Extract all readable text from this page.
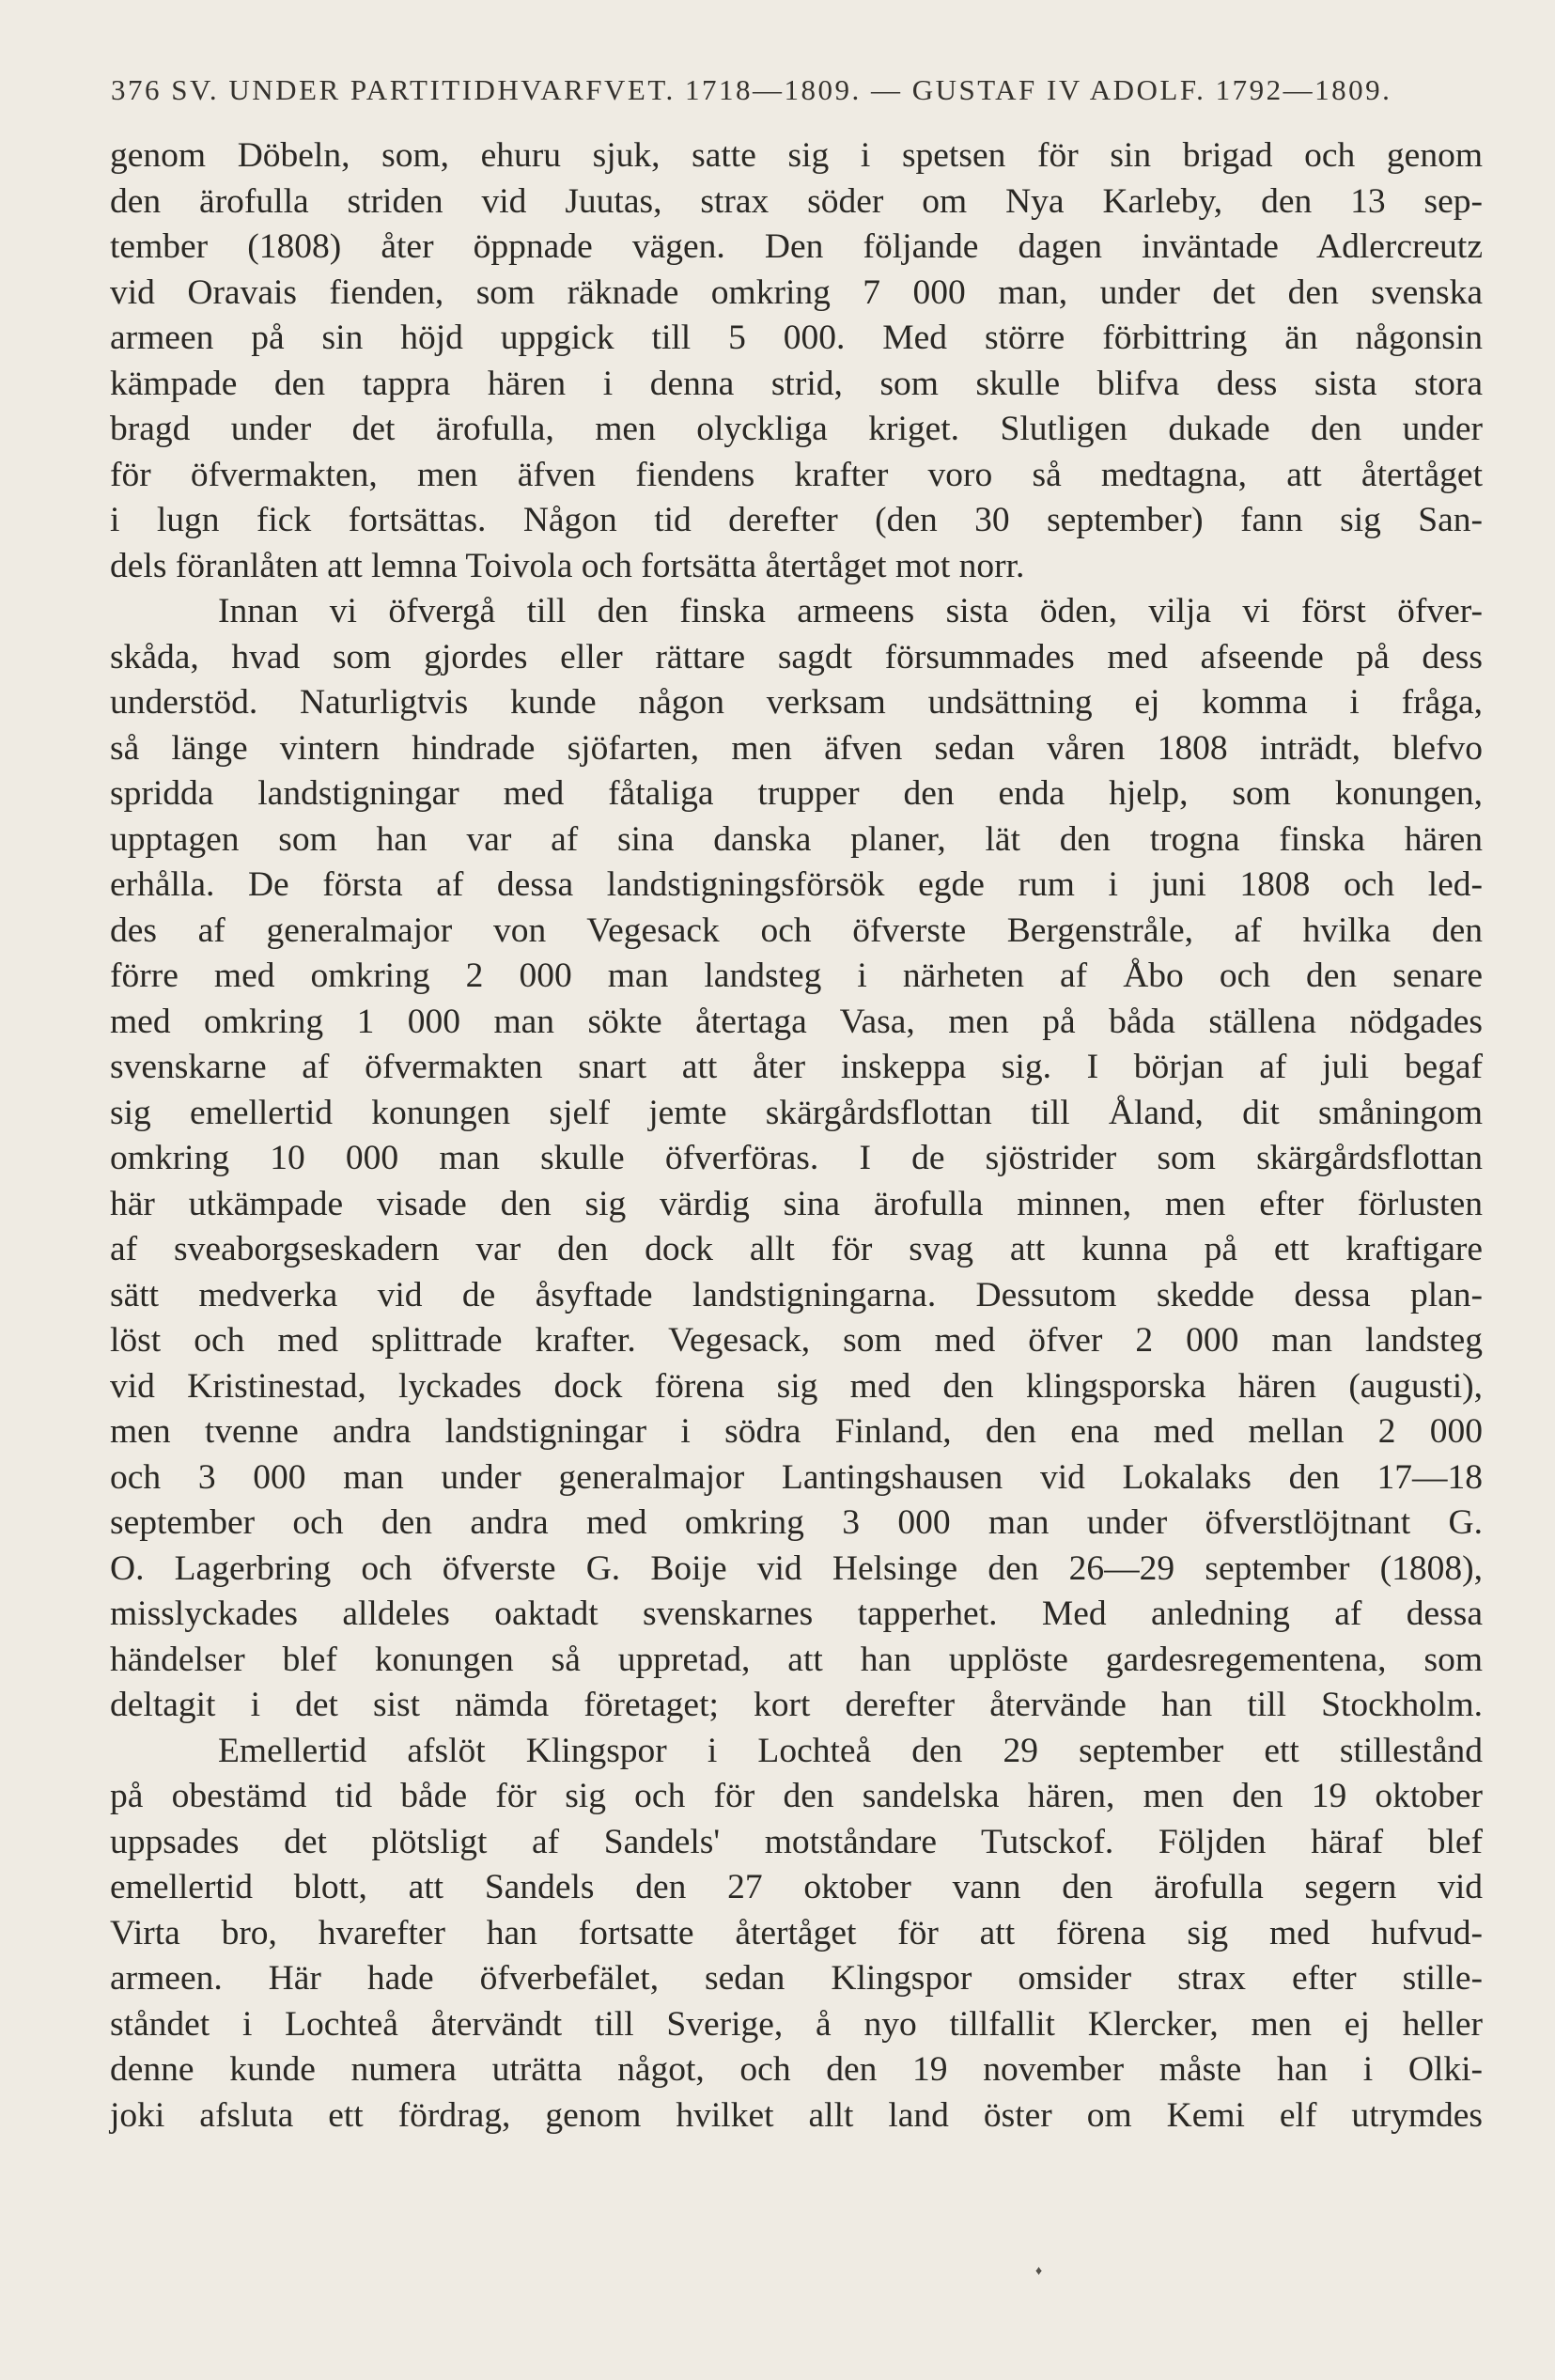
376 SV. UNDER PARTITIDHVARFVET. 1718—1809. — GUSTAF IV ADOLF. 1792—1809.
genom Döbeln, som, ehuru sjuk, satte sig i spetsen för sin brigad och genom
den ärofulla striden vid Juutas, strax söder om Nya Karleby, den 13 sep-
tember (1808) åter öppnade vägen. Den följande dagen inväntade Adlercreutz
vid Oravais fienden, som räknade omkring 7 000 man, under det den svenska
armeen på sin höjd uppgick till 5 000. Med större förbittring än någonsin
kämpade den tappra hären i denna strid, som skulle blifva dess sista stora
bragd under det ärofulla, men olyckliga kriget. Slutligen dukade den under
för öfvermakten, men äfven fiendens krafter voro så medtagna, att återtåget
i lugn fick fortsättas. Någon tid derefter (den 30 september) fann sig San-
dels föranlåten att lemna Toivola och fortsätta återtåget mot norr.
Innan vi öfvergå till den finska armeens sista öden, vilja vi först öfver-
skåda, hvad som gjordes eller rättare sagdt försummades med afseende på dess
understöd. Naturligtvis kunde någon verksam undsättning ej komma i fråga,
så länge vintern hindrade sjöfarten, men äfven sedan våren 1808 inträdt, blefvo
spridda landstigningar med fåtaliga trupper den enda hjelp, som konungen,
upptagen som han var af sina danska planer, lät den trogna finska hären
erhålla. De första af dessa landstigningsförsök egde rum i juni 1808 och led-
des af generalmajor von Vegesack och öfverste Bergenstråle, af hvilka den
förre med omkring 2 000 man landsteg i närheten af Åbo och den senare
med omkring 1 000 man sökte återtaga Vasa, men på båda ställena nödgades
svenskarne af öfvermakten snart att åter inskeppa sig. I början af juli begaf
sig emellertid konungen sjelf jemte skärgårdsflottan till Åland, dit småningom
omkring 10 000 man skulle öfverföras. I de sjöstrider som skärgårdsflottan
här utkämpade visade den sig värdig sina ärofulla minnen, men efter förlusten
af sveaborgseskadern var den dock allt för svag att kunna på ett kraftigare
sätt medverka vid de åsyftade landstigningarna. Dessutom skedde dessa plan-
löst och med splittrade krafter. Vegesack, som med öfver 2 000 man landsteg
vid Kristinestad, lyckades dock förena sig med den klingsporska hären (augusti),
men tvenne andra landstigningar i södra Finland, den ena med mellan 2 000
och 3 000 man under generalmajor Lantingshausen vid Lokalaks den 17—18
september och den andra med omkring 3 000 man under öfverstlöjtnant G.
O. Lagerbring och öfverste G. Boije vid Helsinge den 26—29 september (1808),
misslyckades alldeles oaktadt svenskarnes tapperhet. Med anledning af dessa
händelser blef konungen så uppretad, att han upplöste gardesregementena, som
deltagit i det sist nämda företaget; kort derefter återvände han till Stockholm.
Emellertid afslöt Klingspor i Lochteå den 29 september ett stillestånd
på obestämd tid både för sig och för den sandelska hären, men den 19 oktober
uppsades det plötsligt af Sandels' motståndare Tutsckof. Följden häraf blef
emellertid blott, att Sandels den 27 oktober vann den ärofulla segern vid
Virta bro, hvarefter han fortsatte återtåget för att förena sig med hufvud-
armeen. Här hade öfverbefälet, sedan Klingspor omsider strax efter stille-
ståndet i Lochteå återvändt till Sverige, å nyo tillfallit Klercker, men ej heller
denne kunde numera uträtta något, och den 19 november måste han i Olki-
joki afsluta ett fördrag, genom hvilket allt land öster om Kemi elf utrymdes
♦
